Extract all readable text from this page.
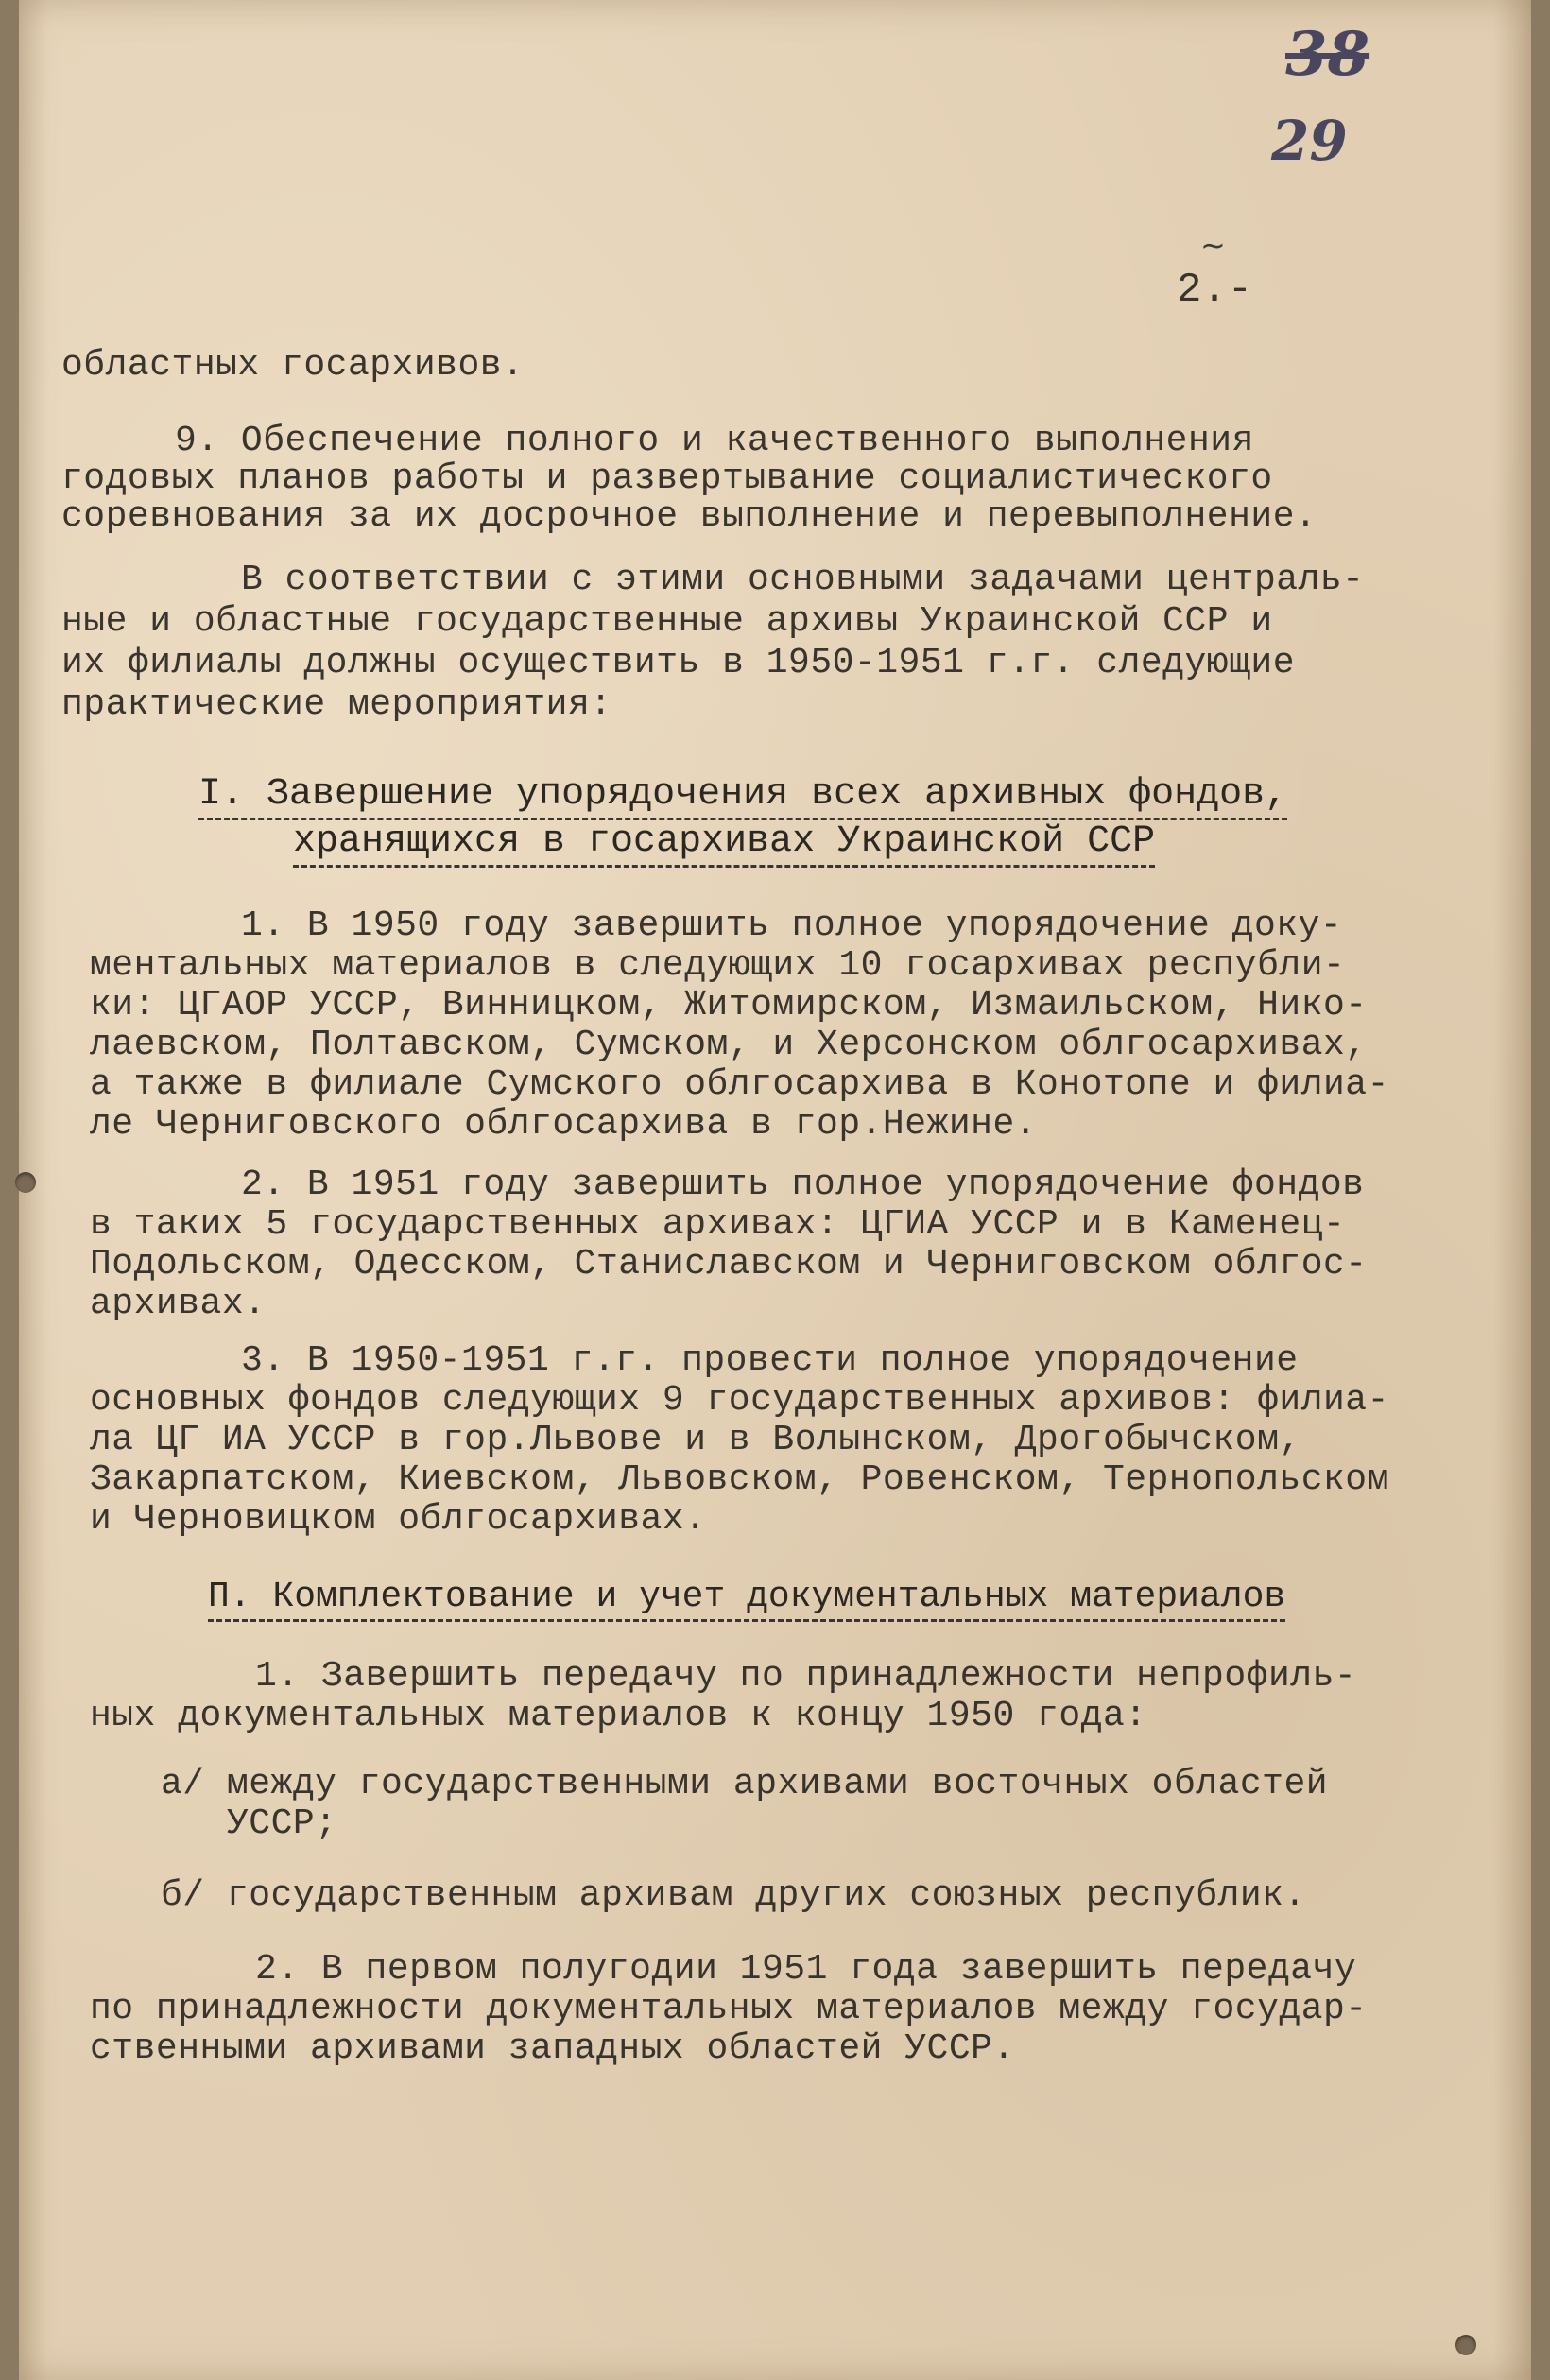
38
29
~
2.-
областных госархивов.
9. Обеспечение полного и качественного выполнения
годовых планов работы и развертывание социалистического
соревнования за их досрочное выполнение и перевыполнение.
В соответствии с этими основными задачами централь-
ные и областные государственные архивы Украинской ССР и
их филиалы должны осуществить в 1950-1951 г.г. следующие
практические мероприятия:
I. Завершение упорядочения всех архивных фондов,
хранящихся в госархивах Украинской ССР
1. В 1950 году завершить полное упорядочение доку-
ментальных материалов в следующих 10 госархивах республи-
ки: ЦГАОР УССР, Винницком, Житомирском, Измаильском, Нико-
лаевском, Полтавском, Сумском, и Херсонском облгосархивах,
а также в филиале Сумского облгосархива в Конотопе и филиа-
ле Черниговского облгосархива в гор.Нежине.
2. В 1951 году завершить полное упорядочение фондов
в таких 5 государственных архивах: ЦГИА УССР и в Каменец-
Подольском, Одесском, Станиславском и Черниговском облгос-
архивах.
3. В 1950-1951 г.г. провести полное упорядочение
основных фондов следующих 9 государственных архивов: филиа-
ла ЦГ ИА УССР в гор.Львове и в Волынском, Дрогобычском,
Закарпатском, Киевском, Львовском, Ровенском, Тернопольском
и Черновицком облгосархивах.
П. Комплектование и учет документальных материалов
1. Завершить передачу по принадлежности непрофиль-
ных документальных материалов к концу 1950 года:
а/ между государственными архивами восточных областей
УССР;
б/ государственным архивам других союзных республик.
2. В первом полугодии 1951 года завершить передачу
по принадлежности документальных материалов между государ-
ственными архивами западных областей УССР.
